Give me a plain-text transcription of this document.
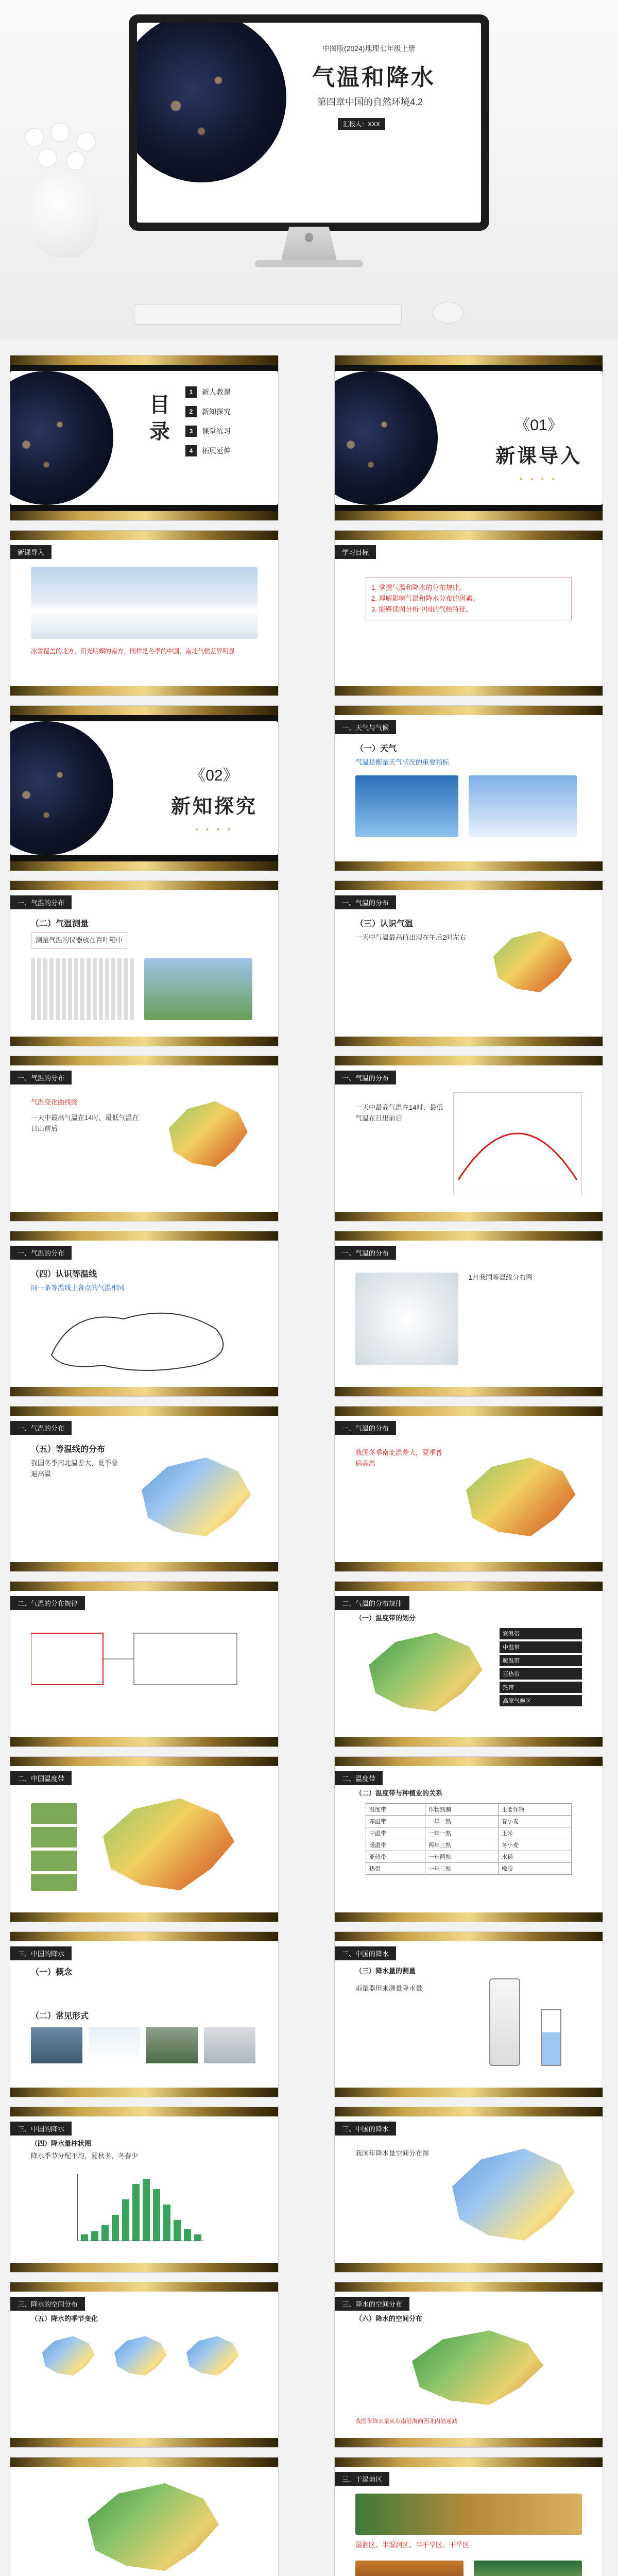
中图版(2024)地理七年级上册
气温和降水
第四章中国的自然环境4.2
汇报人：XXX
目录
1	新人教课
2	新知探究
3	课堂练习
4	拓展延伸
《01》
新课导入
• • • •
新课导入
冰雪覆盖的北方，阳光明媚的南方，同样是冬季的中国，南北气候差异明显
学习目标
1. 掌握气温和降水的分布规律。
2. 理解影响气温和降水分布的因素。
3. 能够读图分析中国的气候特征。
《02》
新知探究
• • • •
一、天气与气候
（一）天气
气温是衡量天气状况的重要指标
一、气温的分布
（二）气温测量
测量气温的仪器放在百叶箱中
一、气温的分布
（三）认识气温
一天中气温最高值出现在午后2时左右
一、气温的分布
气温变化曲线图
一天中最高气温在14时，最低气温在日出前后
一、气温的分布
一天中最高气温在14时，最低气温在日出前后
一、气温的分布
（四）认识等温线
同一条等温线上各点的气温相同
一、气温的分布
1月我国等温线分布图
一、气温的分布
（五）等温线的分布
我国冬季南北温差大，夏季普遍高温
一、气温的分布
我国冬季南北温差大，夏季普遍高温
二、气温的分布规律	二、气温的分布规律
（一）温度带的划分
寒温带
中温带
暖温带
亚热带
热带
高原气候区
二、中国温度带	二、温度带
（二）温度带与种植业的关系
温度带	作物熟制	主要作物
寒温带	一年一熟	春小麦
中温带	一年一熟	玉米
暖温带	两年三熟	冬小麦
亚热带	一年两熟	水稻
热带	一年三熟	橡胶
三、中国的降水
（一）概念
（二）常见形式
三、中国的降水
（三）降水量的测量
雨量器用来测量降水量
三、中国的降水
（四）降水量柱状图
降水季节分配不均，夏秋多，冬春少
三、中国的降水
我国年降水量空间分布图
三、降水的空间分布
（五）降水的季节变化
三、降水的空间分布
（六）降水的空间分布
我国年降水量从东南沿海向西北内陆递减
三、干湿地区
湿润区、半湿润区、半干旱区、干旱区
